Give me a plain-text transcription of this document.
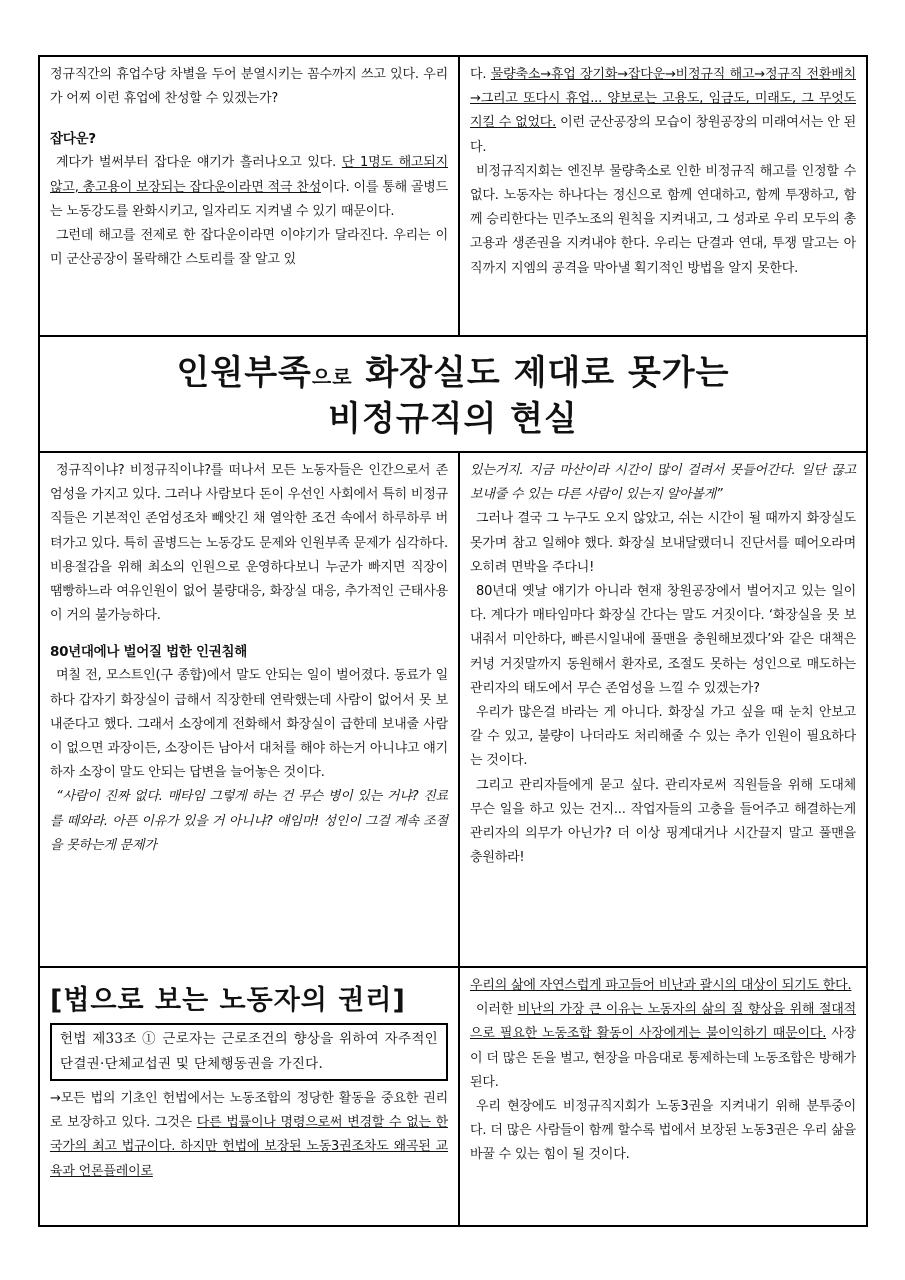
정규직간의 휴업수당 차별을 두어 분열시키는 꼼수까지 쓰고 있다. 우리가 어찌 이런 휴업에 찬성할 수 있겠는가?

잡다운?

계다가 벌써부터 잡다운 얘기가 흘러나오고 있다. 단 1명도 해고되지 않고, 총고용이 보장되는 잡다운이라면 적극 찬성이다. 이를 통해 골병드는 노동강도를 완화시키고, 일자리도 지켜낼 수 있기 때문이다.

그런데 해고를 전제로 한 잡다운이라면 이야기가 달라진다. 우리는 이미 군산공장이 몰락해간 스토리를 잘 알고 있

다. 물량축소→휴업 장기화→잡다운→비정규직 해고→정규직 전환배치→그리고 또다시 휴업... 양보로는 고용도, 임금도, 미래도, 그 무엇도 지킬 수 없었다. 이런 군산공장의 모습이 창원공장의 미래여서는 안 된다.

비정규직지회는 엔진부 물량축소로 인한 비정규직 해고를 인정할 수 없다. 노동자는 하나다는 정신으로 함께 연대하고, 함께 투쟁하고, 함께 승리한다는 민주노조의 원칙을 지켜내고, 그 성과로 우리 모두의 총고용과 생존권을 지켜내야 한다. 우리는 단결과 연대, 투쟁 말고는 아직까지 지엠의 공격을 막아낼 획기적인 방법을 알지 못한다.

인원부족으로 화장실도 제대로 못가는
비정규직의 현실

정규직이냐? 비정규직이냐?를 떠나서 모든 노동자들은 인간으로서 존엄성을 가지고 있다. 그러나 사람보다 돈이 우선인 사회에서 특히 비정규직들은 기본적인 존엄성조차 빼앗긴 채 열악한 조건 속에서 하루하루 버텨가고 있다. 특히 골병드는 노동강도 문제와 인원부족 문제가 심각하다. 비용절감을 위해 최소의 인원으로 운영하다보니 누군가 빠지면 직장이 땜빵하느라 여유인원이 없어 불량대응, 화장실 대응, 추가적인 근태사용이 거의 불가능하다.

80년대에나 벌어질 법한 인권침해

며칠 전, 모스트인(구 종합)에서 말도 안되는 일이 벌어졌다. 동료가 일하다 갑자기 화장실이 급해서 직장한테 연락했는데 사람이 없어서 못 보내준다고 했다. 그래서 소장에게 전화해서 화장실이 급한데 보내줄 사람이 없으면 과장이든, 소장이든 남아서 대처를 해야 하는거 아니냐고 얘기하자 소장이 말도 안되는 답변을 늘어놓은 것이다.

“사람이 진짜 없다. 매타임 그렇게 하는 건 무슨 병이 있는 거냐? 진료를 떼와라. 아픈 이유가 있을 거 아니냐? 얘임마! 성인이 그걸 계속 조절을 못하는게 문제가

있는거지. 지금 마산이라 시간이 많이 걸려서 못들어간다. 일단 끊고 보내줄 수 있는 다른 사람이 있는지 알아볼게”

그러나 결국 그 누구도 오지 않았고, 쉬는 시간이 될 때까지 화장실도 못가며 참고 일해야 했다. 화장실 보내달랬더니 진단서를 떼어오라며 오히려 면박을 주다니!

80년대 옛날 얘기가 아니라 현재 창원공장에서 벌어지고 있는 일이다. 계다가 매타임마다 화장실 간다는 말도 거짓이다. ‘화장실을 못 보내줘서 미안하다, 빠른시일내에 풀맨을 충원해보겠다’와 같은 대책은커녕 거짓말까지 동원해서 환자로, 조절도 못하는 성인으로 매도하는 관리자의 태도에서 무슨 존엄성을 느낄 수 있겠는가?

우리가 많은걸 바라는 게 아니다. 화장실 가고 싶을 때 눈치 안보고 갈 수 있고, 불량이 나더라도 처리해줄 수 있는 추가 인원이 필요하다는 것이다.

그리고 관리자들에게 묻고 싶다. 관리자로써 직원들을 위해 도대체 무슨 일을 하고 있는 건지... 작업자들의 고충을 들어주고 해결하는게 관리자의 의무가 아닌가? 더 이상 핑계대거나 시간끌지 말고 풀맨을 충원하라!

[법으로 보는 노동자의 권리]

헌법 제33조 ① 근로자는 근로조건의 향상을 위하여 자주적인 단결권·단체교섭권 및 단체행동권을 가진다.

→모든 법의 기초인 헌법에서는 노동조합의 정당한 활동을 중요한 권리로 보장하고 있다. 그것은 다른 법률이나 명령으로써 변경할 수 없는 한 국가의 최고 법규이다. 하지만 헌법에 보장된 노동3권조차도 왜곡된 교육과 언론플레이로

우리의 삶에 자연스럽게 파고들어 비난과 괄시의 대상이 되기도 한다.

이러한 비난의 가장 큰 이유는 노동자의 삶의 질 향상을 위해 절대적으로 필요한 노동조합 활동이 사장에게는 불이익하기 때문이다. 사장이 더 많은 돈을 벌고, 현장을 마음대로 통제하는데 노동조합은 방해가 된다.

우리 현장에도 비정규직지회가 노동3권을 지켜내기 위해 분투중이다. 더 많은 사람들이 함께 할수록 법에서 보장된 노동3권은 우리 삶을 바꿀 수 있는 힘이 될 것이다.
